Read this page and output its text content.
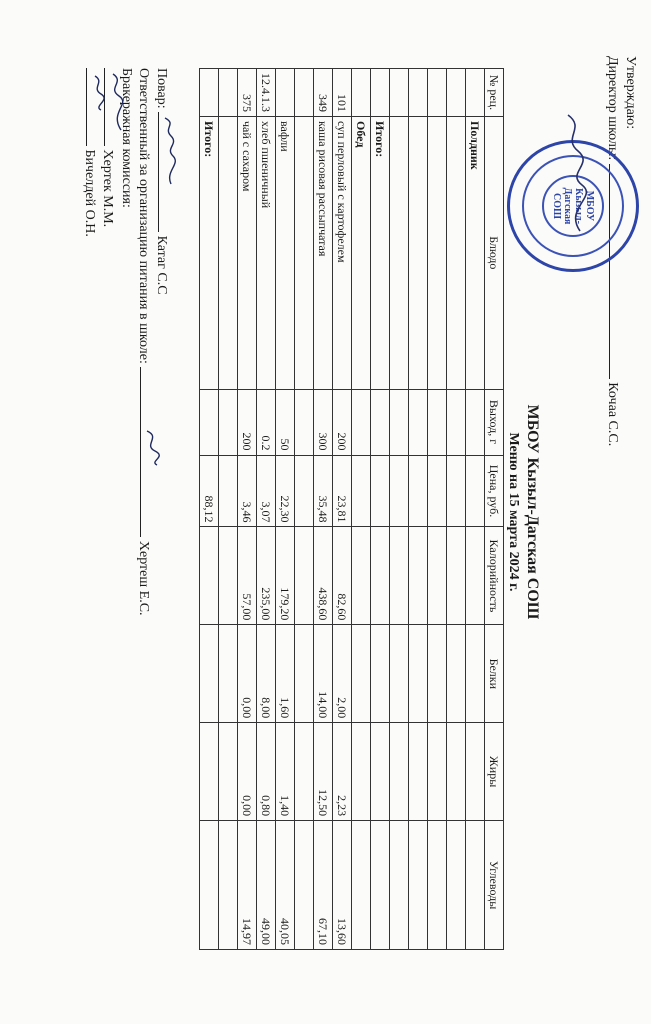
Утверждаю:
Директор школы:  Кочаа С.С.
МБОУ Кызыл-Дагская СОШ
МБОУ Кызыл-Дагская СОШ
Меню на 15 марта 2024 г.
№ рец.	Блюдо	Выход, г	Цена, руб.	Калорийность	Белки	Жиры	Углеводы
	Полдник						

	Итого:						
	Обед						
101	суп перловый с картофелем	200	23,81	82,60	2,00	2,23	13,60
349	каша рисовая рассыпчатая	300	35,48	438,60	14,00	12,50	67,10

	вафли	50	22,30	179,20	1,60	1,40	40,05
12.4.1.3	хлеб пшеничный	0.2	3,07	235,00	8,00	0,80	49,00
375	чай с сахаром	200	3,46	57,00	0,00	0,00	14,97

	Итого:		88,12				
Повар:
Катаг С.С
Ответственный за организацию питания в школе:
Хертеш Е.С.
Бракеражная комиссия:
Хертек М.М.
Бичелдей О.Н.
